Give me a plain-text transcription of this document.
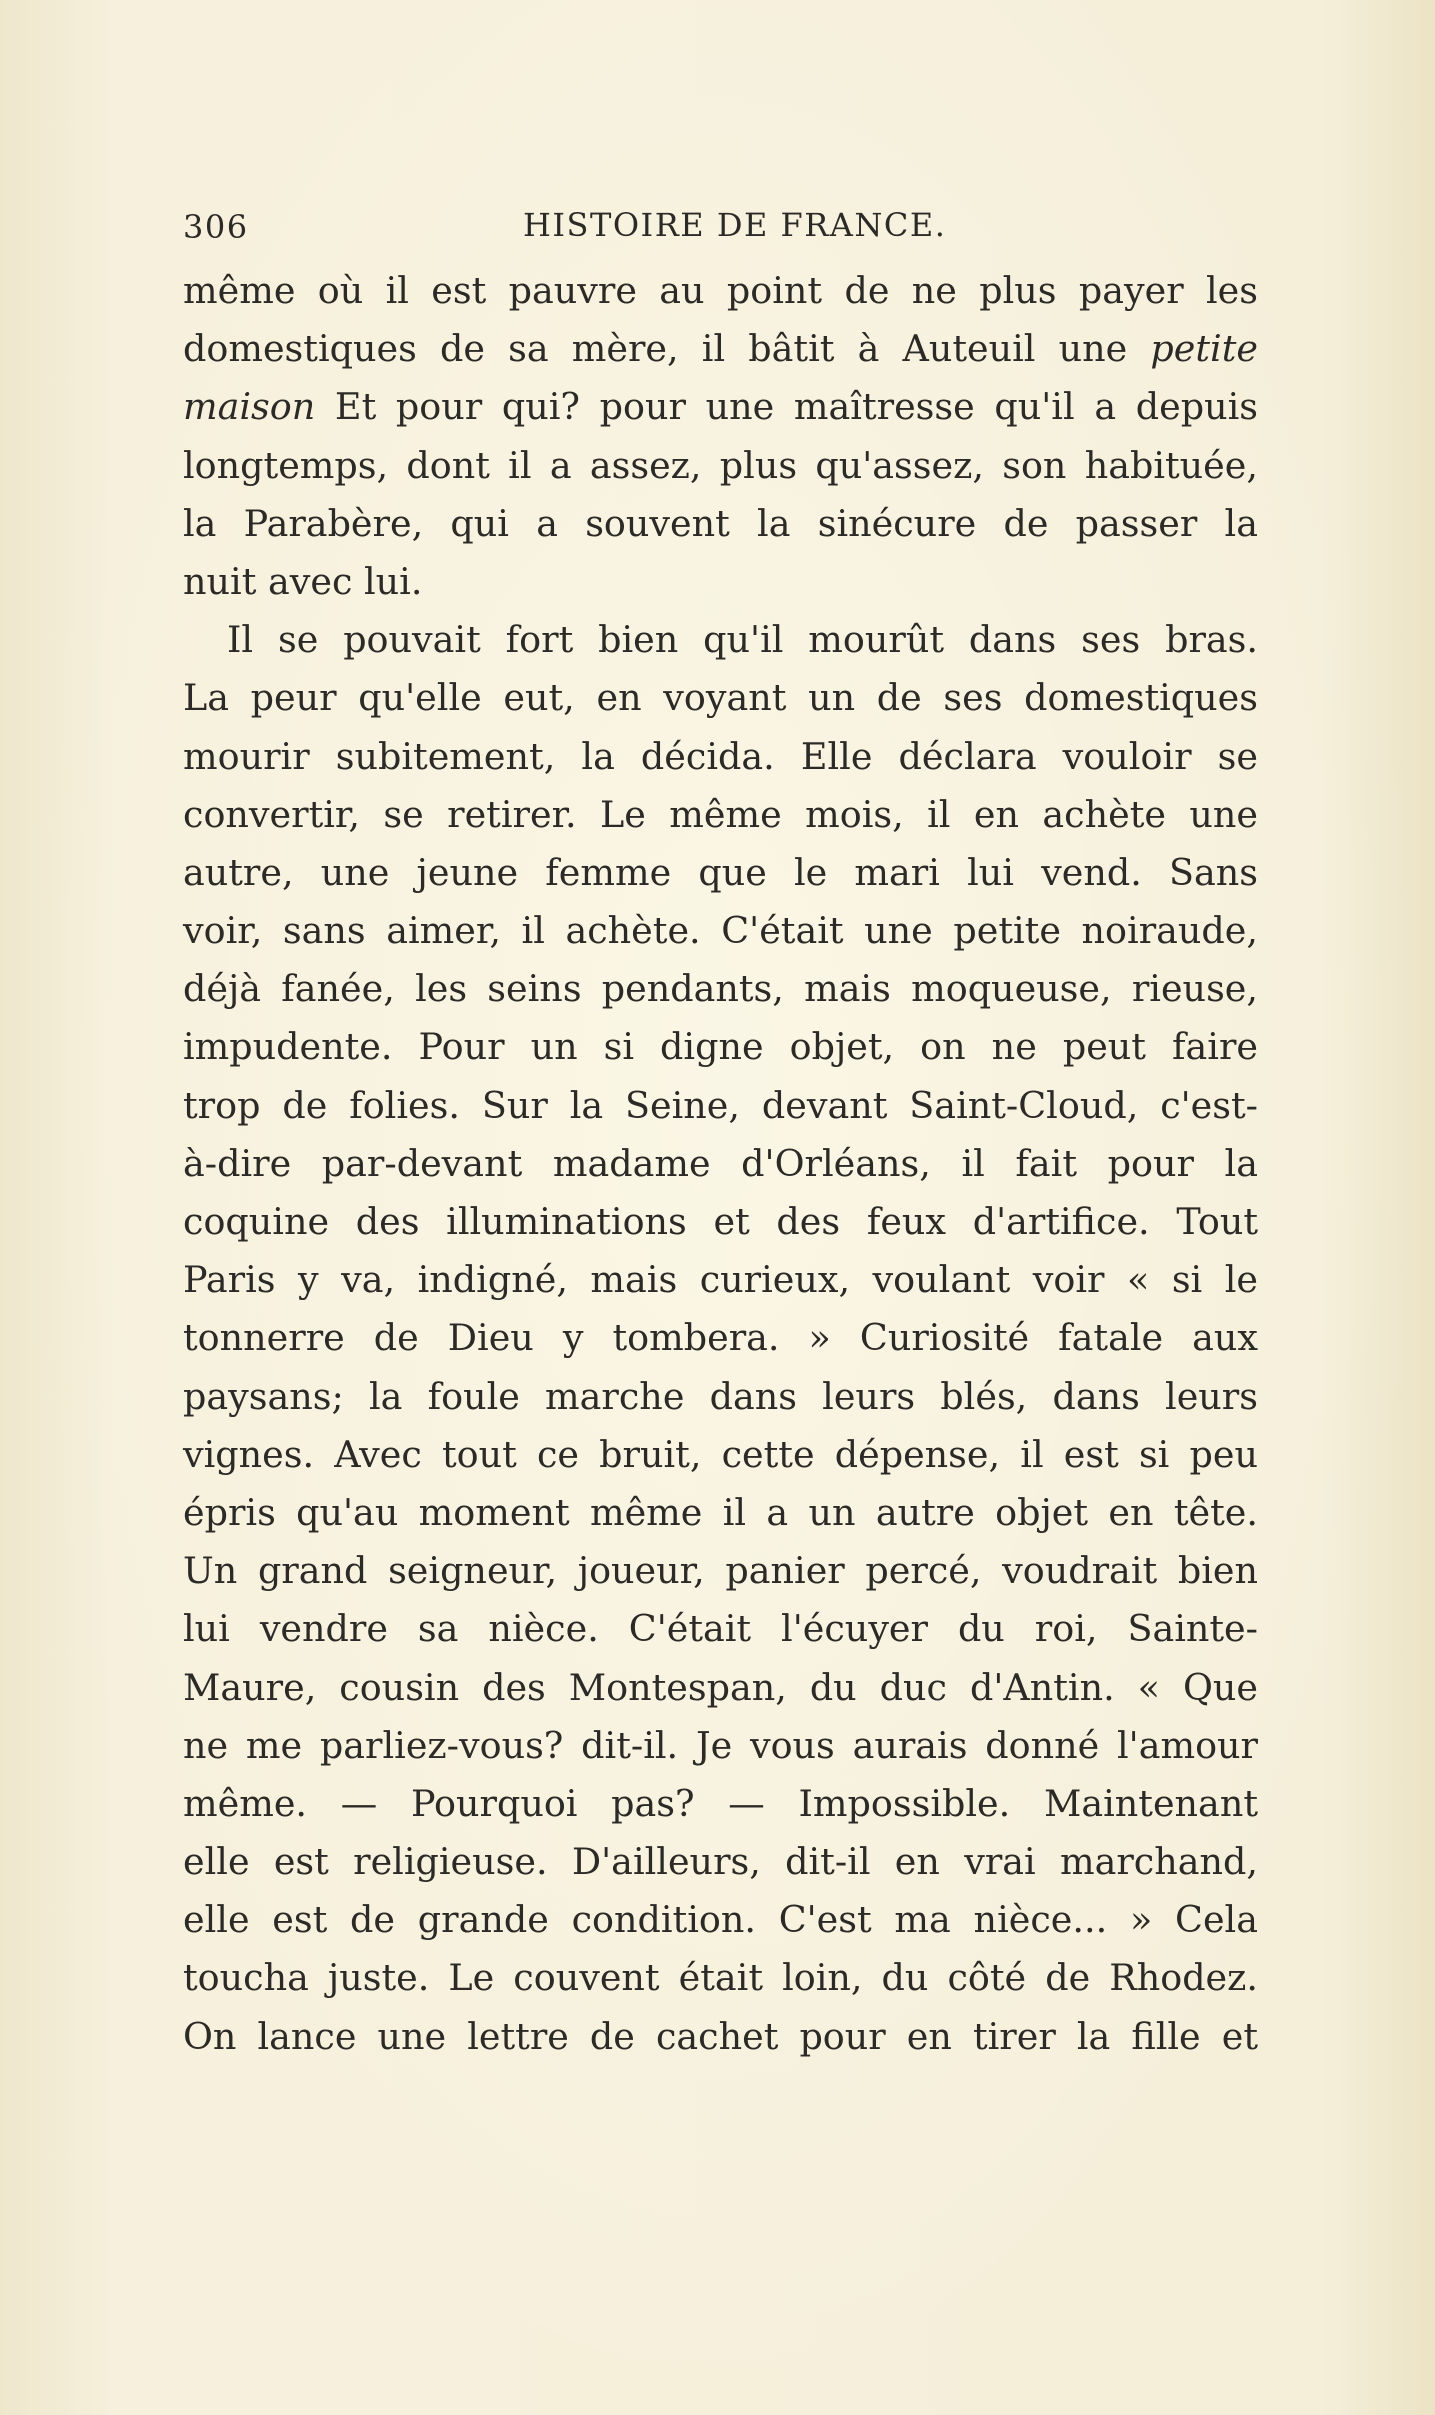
306	HISTOIRE DE FRANCE.
même où il est pauvre au point de ne plus payer les
domestiques de sa mère, il bâtit à Auteuil une petite
maison Et pour qui? pour une maîtresse qu'il a depuis
longtemps, dont il a assez, plus qu'assez, son habituée,
la Parabère, qui a souvent la sinécure de passer la
nuit avec lui.
Il se pouvait fort bien qu'il mourût dans ses bras.
La peur qu'elle eut, en voyant un de ses domestiques
mourir subitement, la décida. Elle déclara vouloir se
convertir, se retirer. Le même mois, il en achète une
autre, une jeune femme que le mari lui vend. Sans
voir, sans aimer, il achète. C'était une petite noiraude,
déjà fanée, les seins pendants, mais moqueuse, rieuse,
impudente. Pour un si digne objet, on ne peut faire
trop de folies. Sur la Seine, devant Saint-Cloud, c'est-
à-dire par-devant madame d'Orléans, il fait pour la
coquine des illuminations et des feux d'artifice. Tout
Paris y va, indigné, mais curieux, voulant voir « si le
tonnerre de Dieu y tombera. » Curiosité fatale aux
paysans; la foule marche dans leurs blés, dans leurs
vignes. Avec tout ce bruit, cette dépense, il est si peu
épris qu'au moment même il a un autre objet en tête.
Un grand seigneur, joueur, panier percé, voudrait bien
lui vendre sa nièce. C'était l'écuyer du roi, Sainte-
Maure, cousin des Montespan, du duc d'Antin. « Que
ne me parliez-vous? dit-il. Je vous aurais donné l'amour
même. — Pourquoi pas? — Impossible. Maintenant
elle est religieuse. D'ailleurs, dit-il en vrai marchand,
elle est de grande condition. C'est ma nièce... » Cela
toucha juste. Le couvent était loin, du côté de Rhodez.
On lance une lettre de cachet pour en tirer la fille et
